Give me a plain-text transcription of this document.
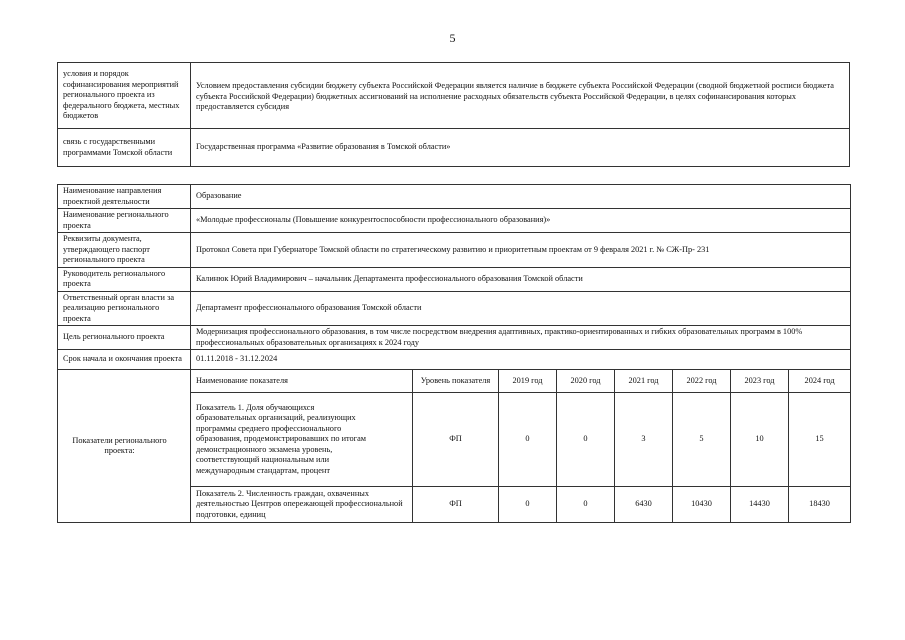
5
условия и порядок софинансирования мероприятий регионального проекта из федерального бюджета, местных бюджетов	Условием предоставления субсидии бюджету субъекта Российской Федерации является наличие в бюджете субъекта Российской Федерации (сводной бюджетной росписи бюджета субъекта Российской Федерации) бюджетных ассигнований на исполнение расходных обязательств субъекта Российской Федерации, в целях софинансирования которых предоставляется субсидия
связь с государственными программами Томской области	Государственная программа «Развитие образования в Томской области»
Наименование направления проектной деятельности	Образование							
Наименование регионального проекта	«Молодые профессионалы (Повышение конкурентоспособности профессионального образования)»							
Реквизиты документа, утверждающего паспорт регионального проекта	Протокол Совета при Губернаторе Томской области по стратегическому развитию и приоритетным проектам от 9 февраля 2021 г. № СЖ-Пр- 231							
Руководитель регионального проекта	Калинюк Юрий Владимирович – начальник Департамента профессионального образования Томской области							
Ответственный орган власти за реализацию регионального проекта	Департамент профессионального образования Томской области							
Цель регионального проекта	Модернизация профессионального образования, в том числе посредством внедрения адаптивных, практико-ориентированных и гибких образовательных программ в 100% профессиональных образовательных организациях к 2024 году							
Срок начала и окончания проекта	01.11.2018 - 31.12.2024							
Показатели регионального проекта:	Наименование показателя	Уровень показателя	2019 год	2020 год	2021 год	2022 год	2023 год	2024 год
	Показатель 1. Доля обучающихся образовательных организаций, реализующих программы среднего профессионального образования, продемонстрировавших по итогам демонстрационного экзамена уровень, соответствующий национальным или международным стандартам, процент	ФП	0	0	3	5	10	15
	Показатель 2. Численность граждан, охваченных деятельностью Центров опережающей профессиональной подготовки, единиц	ФП	0	0	6430	10430	14430	18430
